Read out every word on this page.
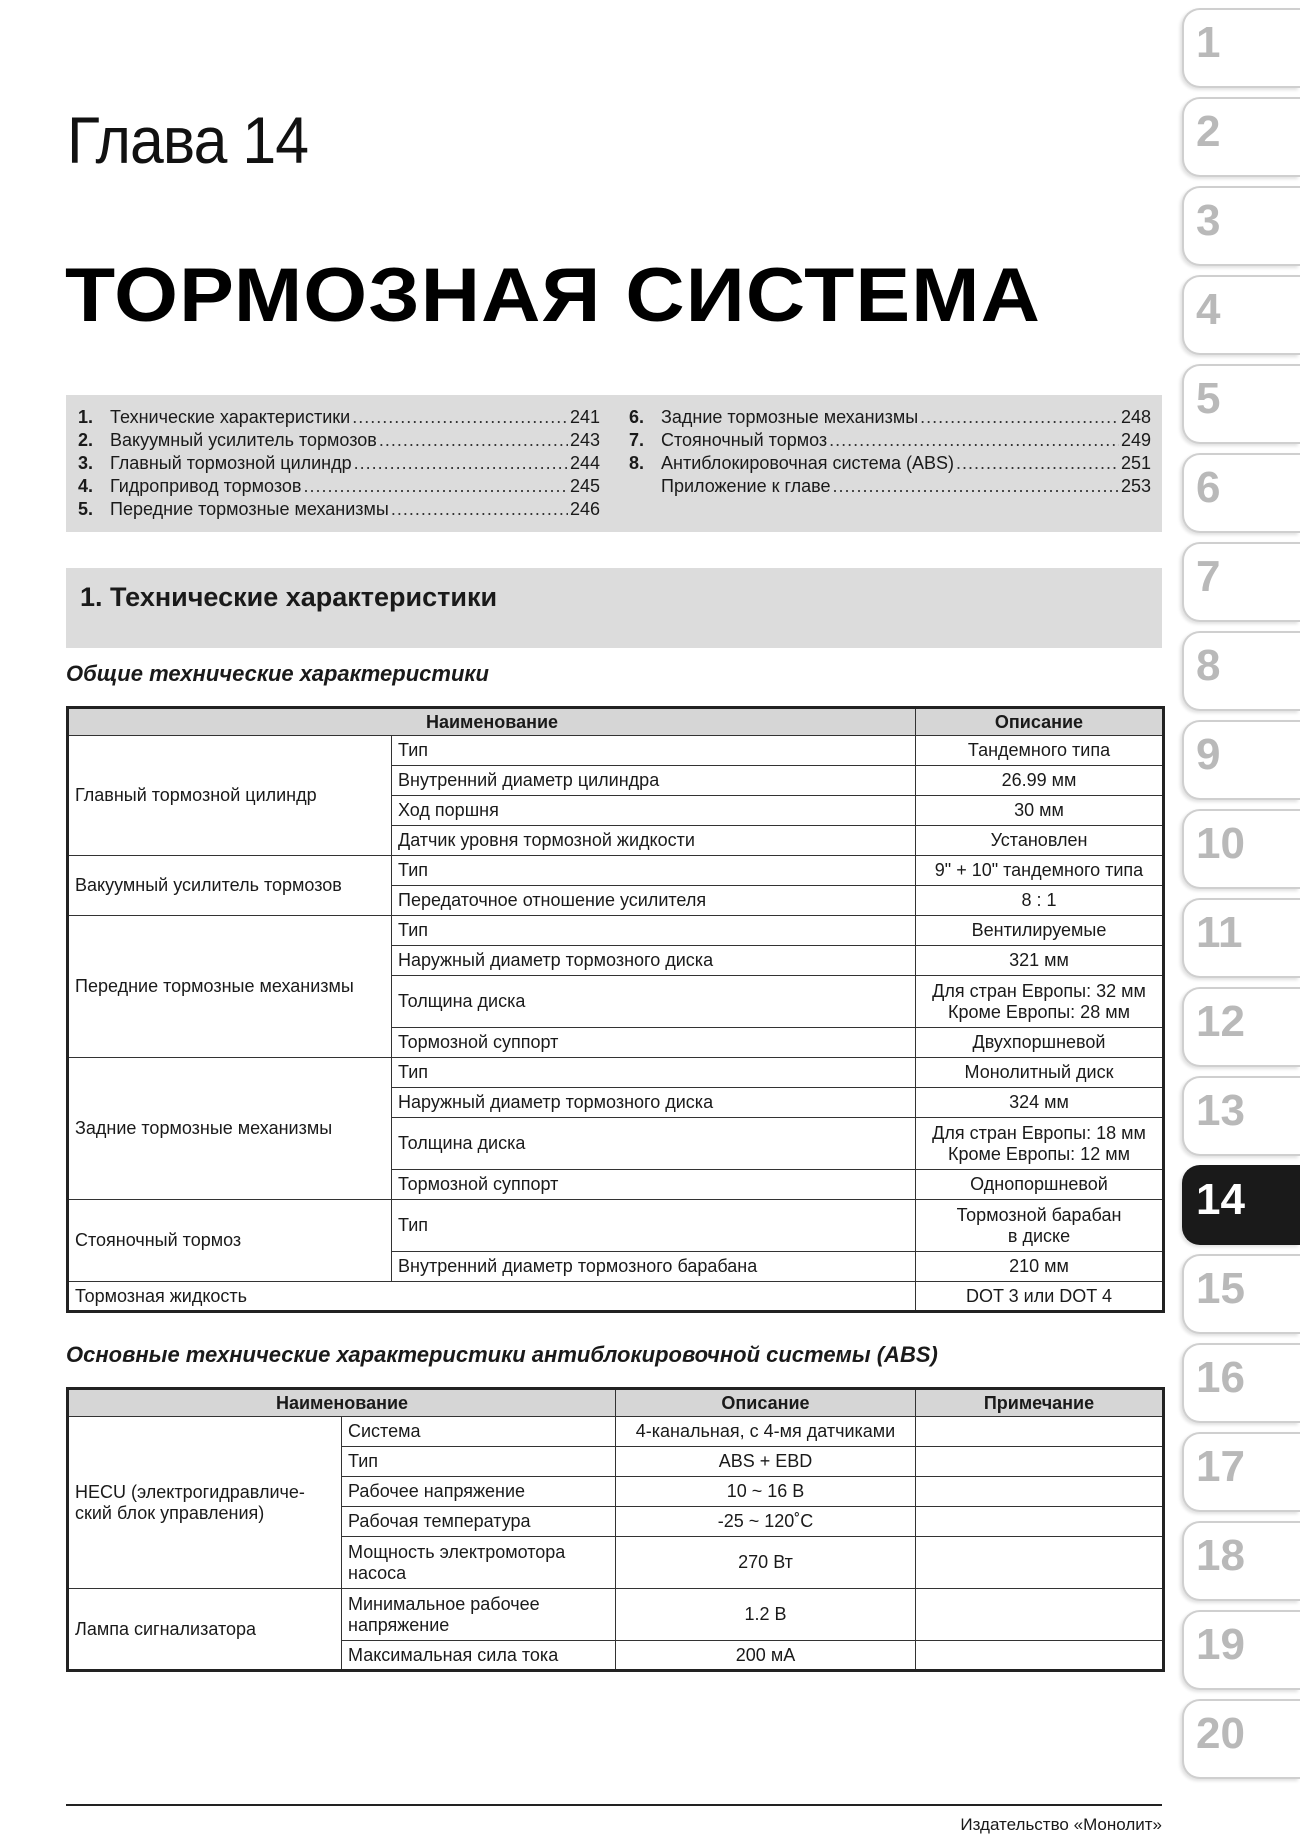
Глава 14
ТОРМОЗНАЯ СИСТЕМА
1. Технические характеристики .....	241
2. Вакуумный усилитель тормозов .....	243
3. Главный тормозной цилиндр .....	244
4. Гидропривод тормозов .....	245
5. Передние тормозные механизмы .....	246
6. Задние тормозные механизмы .....	248
7. Стояночный тормоз .....	249
8. Антиблокировочная система (ABS) .....	251
Приложение к главе .....	253
1. Технические характеристики
Общие технические характеристики
Наименование		Описание
Главный тормозной цилиндр	Тип	Тандемного типа
	Внутренний диаметр цилиндра	26.99 мм
	Ход поршня	30 мм
	Датчик уровня тормозной жидкости	Установлен
Вакуумный усилитель тормозов	Тип	9" + 10" тандемного типа
	Передаточное отношение усилителя	8 : 1
Передние тормозные механизмы	Тип	Вентилируемые
	Наружный диаметр тормозного диска	321 мм
	Толщина диска	Для стран Европы: 32 мм
Кроме Европы: 28 мм

	Тормозной суппорт	Двухпоршневой
Задние тормозные механизмы	Тип	Монолитный диск
	Наружный диаметр тормозного диска	324 мм
	Толщина диска	Для стран Европы: 18 мм
Кроме Европы: 12 мм

	Тормозной суппорт	Однопоршневой
Стояночный тормоз	Тип	Тормозной барабан
в диске

	Внутренний диаметр тормозного барабана	210 мм
Тормозная жидкость		DOT 3 или DOT 4
Основные технические характеристики антиблокировочной системы (ABS)
Наименование		Описание	Примечание

HECU (электрогидравличе-
ский блок управления)	Система	4-канальная, с 4-мя датчиками	
	Тип	ABS + EBD	
	Рабочее напряжение	10 ~ 16 В	
	Рабочая температура	-25 ~ 120˚C	

	Мощность электромотора
насоса	270 Вт	
Лампа сигнализатора	Минимальное рабочее
напряжение	1.2 В	
	Максимальная сила тока	200 мА	
1
2
3
4
5
6
7
8
9
10
11
12
13
14
15
16
17
18
19
20
Издательство «Монолит»
